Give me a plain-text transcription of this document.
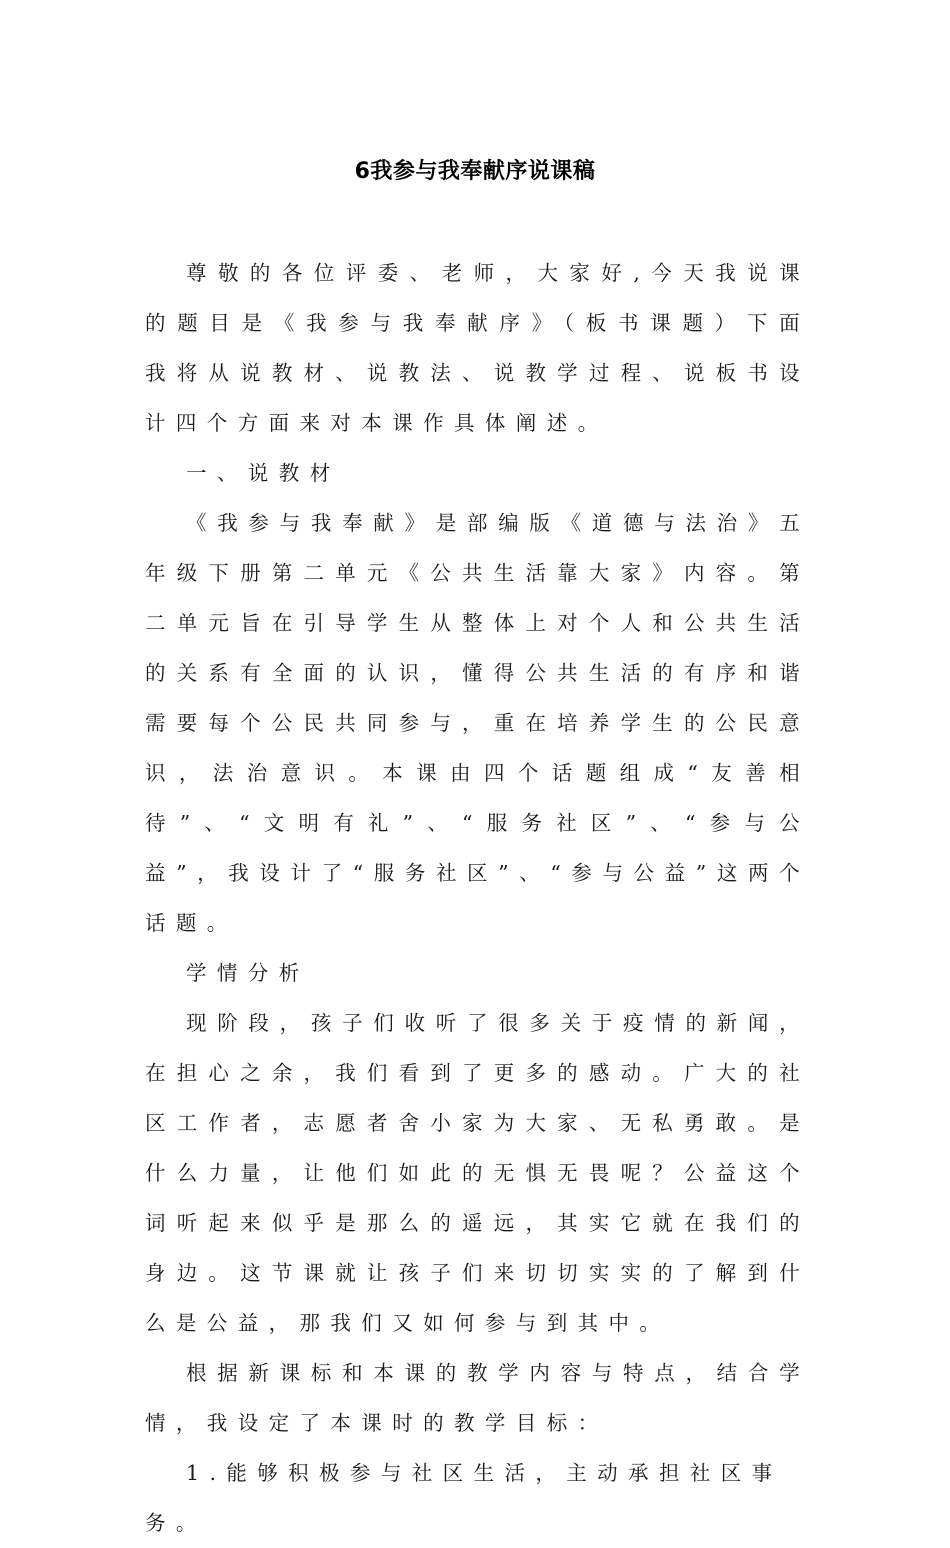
6我参与我奉献序说课稿

尊敬的各位评委、老师，大家好,今天我说课的题目是《我参与我奉献序》（板书课题）下面我将从说教材、说教法、说教学过程、说板书设计四个方面来对本课作具体阐述。

一、说教材

《我参与我奉献》是部编版《道德与法治》五年级下册第二单元《公共生活靠大家》内容。第二单元旨在引导学生从整体上对个人和公共生活的关系有全面的认识，懂得公共生活的有序和谐需要每个公民共同参与，重在培养学生的公民意识，法治意识。本课由四个话题组成“友善相待”、“文明有礼”、“服务社区”、“参与公益”，我设计了“服务社区”、“参与公益”这两个话题。

学情分析

现阶段，孩子们收听了很多关于疫情的新闻，在担心之余，我们看到了更多的感动。广大的社区工作者，志愿者舍小家为大家、无私勇敢。是什么力量，让他们如此的无惧无畏呢？公益这个词听起来似乎是那么的遥远，其实它就在我们的身边。这节课就让孩子们来切切实实的了解到什么是公益，那我们又如何参与到其中。

根据新课标和本课的教学内容与特点，结合学情，我设定了本课时的教学目标：

1.能够积极参与社区生活，主动承担社区事务。
